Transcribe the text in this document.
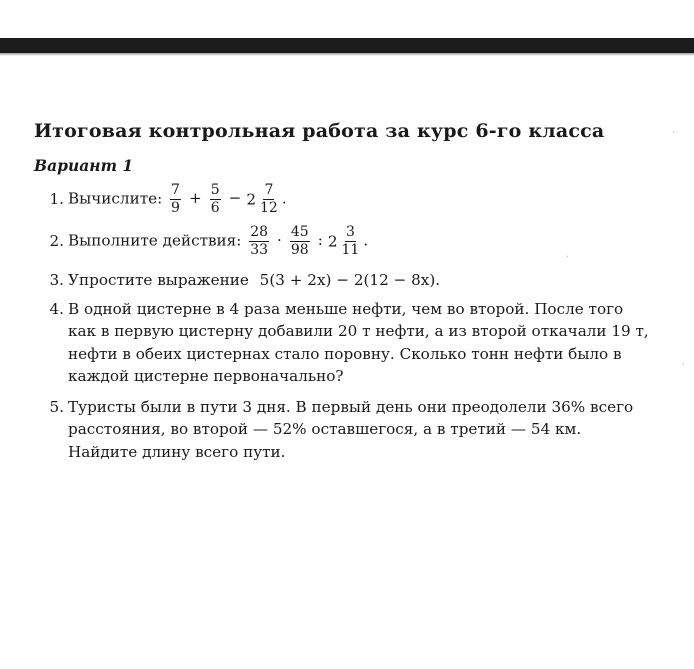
Итоговая контрольная работа за курс 6-го класса
Вариант 1
1. Вычислите: $\frac{7}{9} + \frac{5}{6} - 2 \frac{7}{12}$ .
2. Выполните действия: $\frac{28}{33} \cdot \frac{45}{98}$ : $2 \frac{3}{11}$ .
3. Упростите выражение 5(3 + 2x) − 2(12 − 8x).
4. В одной цистерне в 4 раза меньше нефти, чем во второй. После того как в первую цистерну добавили 20 т нефти, а из второй откачали 19 т, нефти в обеих цистернах стало поровну. Сколько тонн нефти было в каждой цистерне первоначально?
5. Туристы были в пути 3 дня. В первый день они преодолели 36% всего расстояния, во второй — 52% оставшегося, а в третий — 54 км. Найдите длину всего пути.
·
·
·
